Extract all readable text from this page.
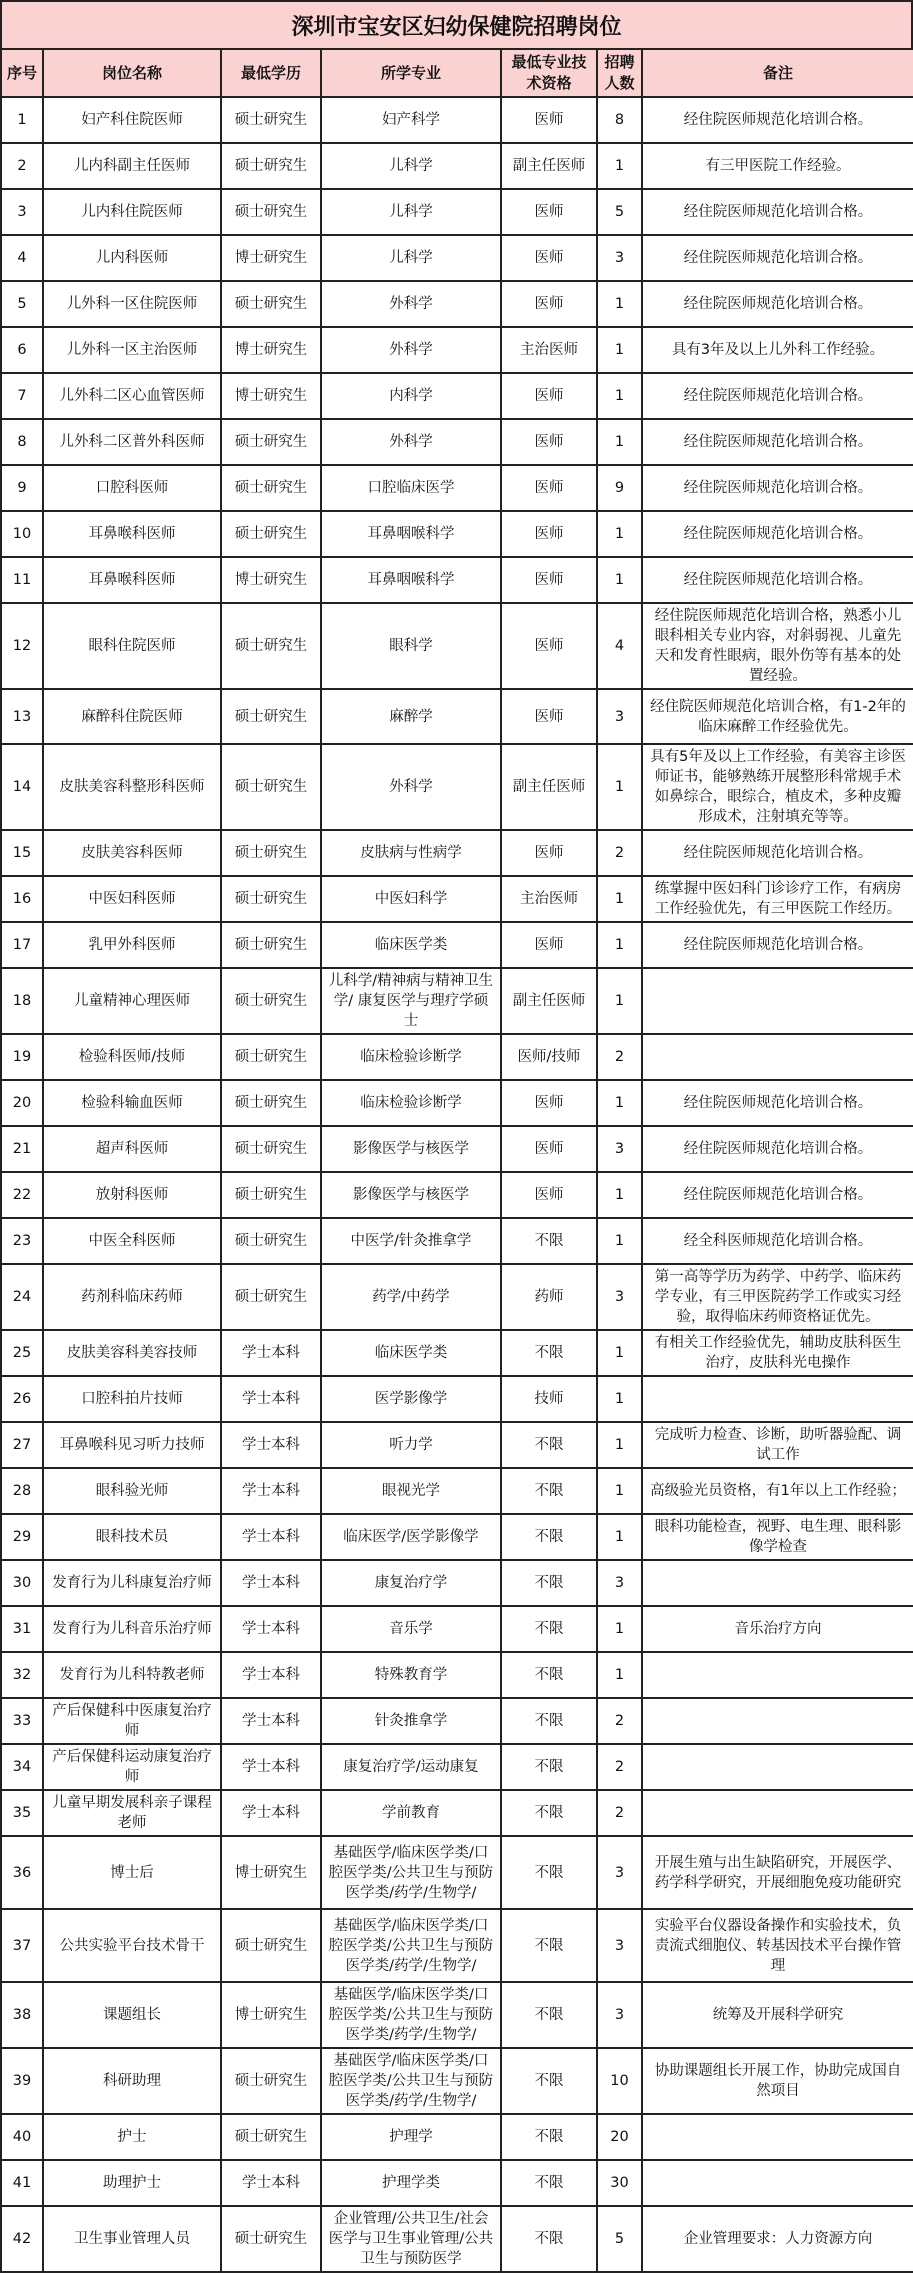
深圳市宝安区妇幼保健院招聘岗位
序号	岗位名称	最低学历	所学专业	最低专业技术资格	招聘人数	备注
1	妇产科住院医师	硕士研究生	妇产科学	医师	8	经住院医师规范化培训合格。
2	儿内科副主任医师	硕士研究生	儿科学	副主任医师	1	有三甲医院工作经验。
3	儿内科住院医师	硕士研究生	儿科学	医师	5	经住院医师规范化培训合格。
4	儿内科医师	博士研究生	儿科学	医师	3	经住院医师规范化培训合格。
5	儿外科一区住院医师	硕士研究生	外科学	医师	1	经住院医师规范化培训合格。
6	儿外科一区主治医师	博士研究生	外科学	主治医师	1	具有3年及以上儿外科工作经验。
7	儿外科二区心血管医师	博士研究生	内科学	医师	1	经住院医师规范化培训合格。
8	儿外科二区普外科医师	硕士研究生	外科学	医师	1	经住院医师规范化培训合格。
9	口腔科医师	硕士研究生	口腔临床医学	医师	9	经住院医师规范化培训合格。
10	耳鼻喉科医师	硕士研究生	耳鼻咽喉科学	医师	1	经住院医师规范化培训合格。
11	耳鼻喉科医师	博士研究生	耳鼻咽喉科学	医师	1	经住院医师规范化培训合格。
12	眼科住院医师	硕士研究生	眼科学	医师	4	经住院医师规范化培训合格，熟悉小儿眼科相关专业内容，对斜弱视、儿童先天和发育性眼病，眼外伤等有基本的处置经验。
13	麻醉科住院医师	硕士研究生	麻醉学	医师	3	经住院医师规范化培训合格，有1-2年的临床麻醉工作经验优先。
14	皮肤美容科整形科医师	硕士研究生	外科学	副主任医师	1	具有5年及以上工作经验，有美容主诊医师证书，能够熟练开展整形科常规手术如鼻综合，眼综合，植皮术，多种皮瓣形成术，注射填充等等。
15	皮肤美容科医师	硕士研究生	皮肤病与性病学	医师	2	经住院医师规范化培训合格。
16	中医妇科医师	硕士研究生	中医妇科学	主治医师	1	练掌握中医妇科门诊诊疗工作，有病房工作经验优先，有三甲医院工作经历。
17	乳甲外科医师	硕士研究生	临床医学类	医师	1	经住院医师规范化培训合格。
18	儿童精神心理医师	硕士研究生	儿科学/精神病与精神卫生学/ 康复医学与理疗学硕士	副主任医师	1	
19	检验科医师/技师	硕士研究生	临床检验诊断学	医师/技师	2	
20	检验科输血医师	硕士研究生	临床检验诊断学	医师	1	经住院医师规范化培训合格。
21	超声科医师	硕士研究生	影像医学与核医学	医师	3	经住院医师规范化培训合格。
22	放射科医师	硕士研究生	影像医学与核医学	医师	1	经住院医师规范化培训合格。
23	中医全科医师	硕士研究生	中医学/针灸推拿学	不限	1	经全科医师规范化培训合格。
24	药剂科临床药师	硕士研究生	药学/中药学	药师	3	第一高等学历为药学、中药学、临床药学专业，有三甲医院药学工作或实习经验，取得临床药师资格证优先。
25	皮肤美容科美容技师	学士本科	临床医学类	不限	1	有相关工作经验优先，辅助皮肤科医生治疗，皮肤科光电操作
26	口腔科拍片技师	学士本科	医学影像学	技师	1	
27	耳鼻喉科见习听力技师	学士本科	听力学	不限	1	完成听力检查、诊断，助听器验配、调试工作
28	眼科验光师	学士本科	眼视光学	不限	1	高级验光员资格，有1年以上工作经验；
29	眼科技术员	学士本科	临床医学/医学影像学	不限	1	眼科功能检查，视野、电生理、眼科影像学检查
30	发育行为儿科康复治疗师	学士本科	康复治疗学	不限	3	
31	发育行为儿科音乐治疗师	学士本科	音乐学	不限	1	音乐治疗方向
32	发育行为儿科特教老师	学士本科	特殊教育学	不限	1	
33	产后保健科中医康复治疗师	学士本科	针灸推拿学	不限	2	
34	产后保健科运动康复治疗师	学士本科	康复治疗学/运动康复	不限	2	
35	儿童早期发展科亲子课程老师	学士本科	学前教育	不限	2	
36	博士后	博士研究生	基础医学/临床医学类/口腔医学类/公共卫生与预防医学类/药学/生物学/	不限	3	开展生殖与出生缺陷研究，开展医学、药学科学研究，开展细胞免疫功能研究
37	公共实验平台技术骨干	硕士研究生	基础医学/临床医学类/口腔医学类/公共卫生与预防医学类/药学/生物学/	不限	3	实验平台仪器设备操作和实验技术，负责流式细胞仪、转基因技术平台操作管理
38	课题组长	博士研究生	基础医学/临床医学类/口腔医学类/公共卫生与预防医学类/药学/生物学/	不限	3	统筹及开展科学研究
39	科研助理	硕士研究生	基础医学/临床医学类/口腔医学类/公共卫生与预防医学类/药学/生物学/	不限	10	协助课题组长开展工作，协助完成国自然项目
40	护士	硕士研究生	护理学	不限	20	
41	助理护士	学士本科	护理学类	不限	30	
42	卫生事业管理人员	硕士研究生	企业管理/公共卫生/社会医学与卫生事业管理/公共卫生与预防医学	不限	5	企业管理要求：人力资源方向
